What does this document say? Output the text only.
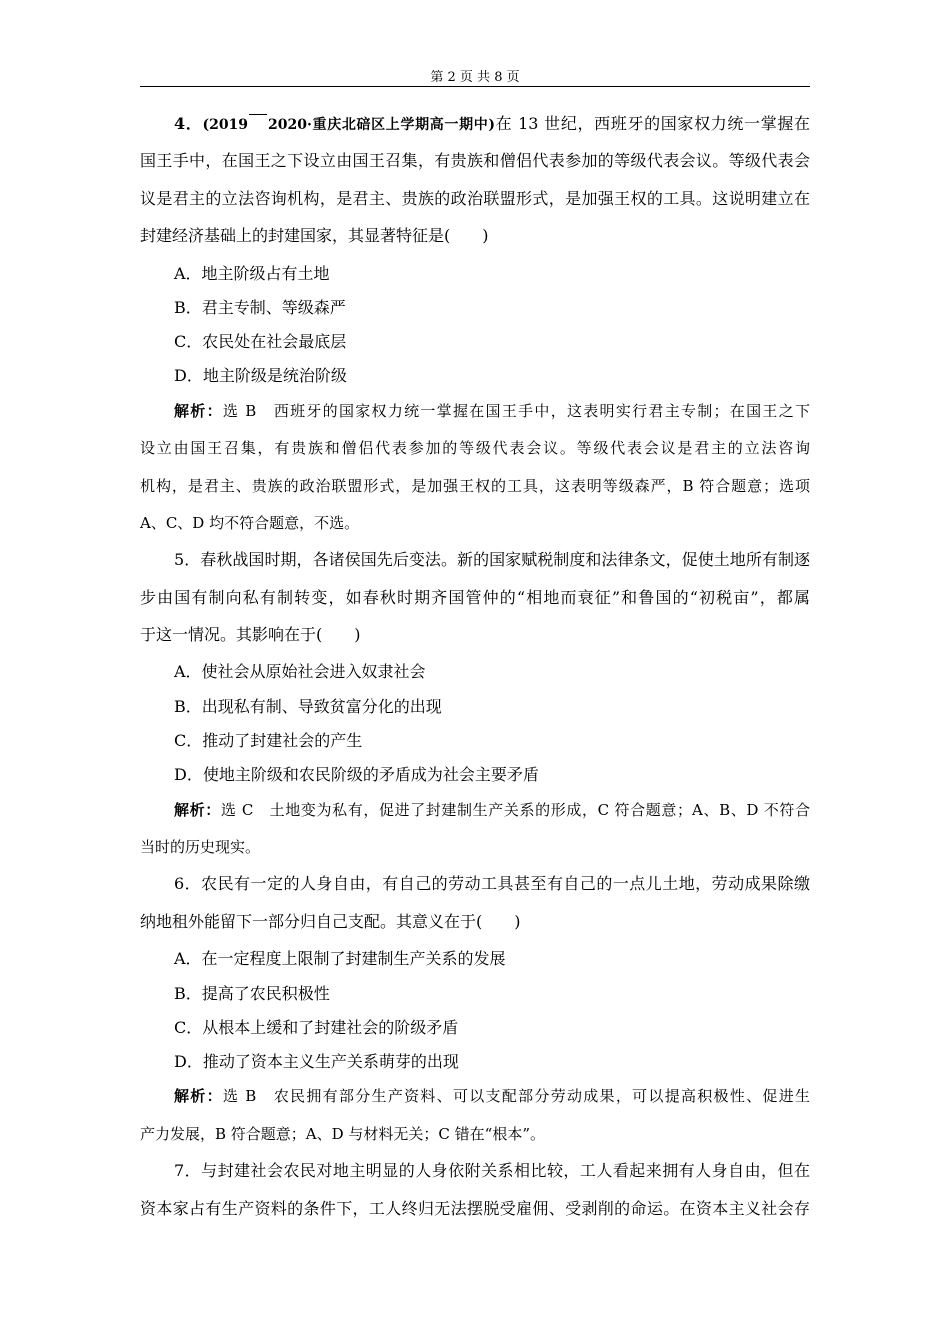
第 2 页 共 8 页
4．(2019 2020·重庆北碚区上学期高一期中)在 13 世纪，西班牙的国家权力统一掌握在
国王手中，在国王之下设立由国王召集，有贵族和僧侣代表参加的等级代表会议。等级代表会
议是君主的立法咨询机构，是君主、贵族的政治联盟形式，是加强王权的工具。这说明建立在
封建经济基础上的封建国家，其显著特征是(　　)
A．地主阶级占有土地
B．君主专制、等级森严
C．农民处在社会最底层
D．地主阶级是统治阶级
解析：选 B　西班牙的国家权力统一掌握在国王手中，这表明实行君主专制；在国王之下
设立由国王召集，有贵族和僧侣代表参加的等级代表会议。等级代表会议是君主的立法咨询
机构，是君主、贵族的政治联盟形式，是加强王权的工具，这表明等级森严，B 符合题意；选项
A、C、D 均不符合题意，不选。
5．春秋战国时期，各诸侯国先后变法。新的国家赋税制度和法律条文，促使土地所有制逐
步由国有制向私有制转变，如春秋时期齐国管仲的“相地而衰征”和鲁国的“初税亩”，都属
于这一情况。其影响在于(　　)
A．使社会从原始社会进入奴隶社会
B．出现私有制、导致贫富分化的出现
C．推动了封建社会的产生
D．使地主阶级和农民阶级的矛盾成为社会主要矛盾
解析：选 C　土地变为私有，促进了封建制生产关系的形成，C 符合题意；A、B、D 不符合
当时的历史现实。
6．农民有一定的人身自由，有自己的劳动工具甚至有自己的一点儿土地，劳动成果除缴
纳地租外能留下一部分归自己支配。其意义在于(　　)
A．在一定程度上限制了封建制生产关系的发展
B．提高了农民积极性
C．从根本上缓和了封建社会的阶级矛盾
D．推动了资本主义生产关系萌芽的出现
解析：选 B　农民拥有部分生产资料、可以支配部分劳动成果，可以提高积极性、促进生
产力发展，B 符合题意；A、D 与材料无关；C 错在“根本”。
7．与封建社会农民对地主明显的人身依附关系相比较，工人看起来拥有人身自由，但在
资本家占有生产资料的条件下，工人终归无法摆脱受雇佣、受剥削的命运。在资本主义社会存
